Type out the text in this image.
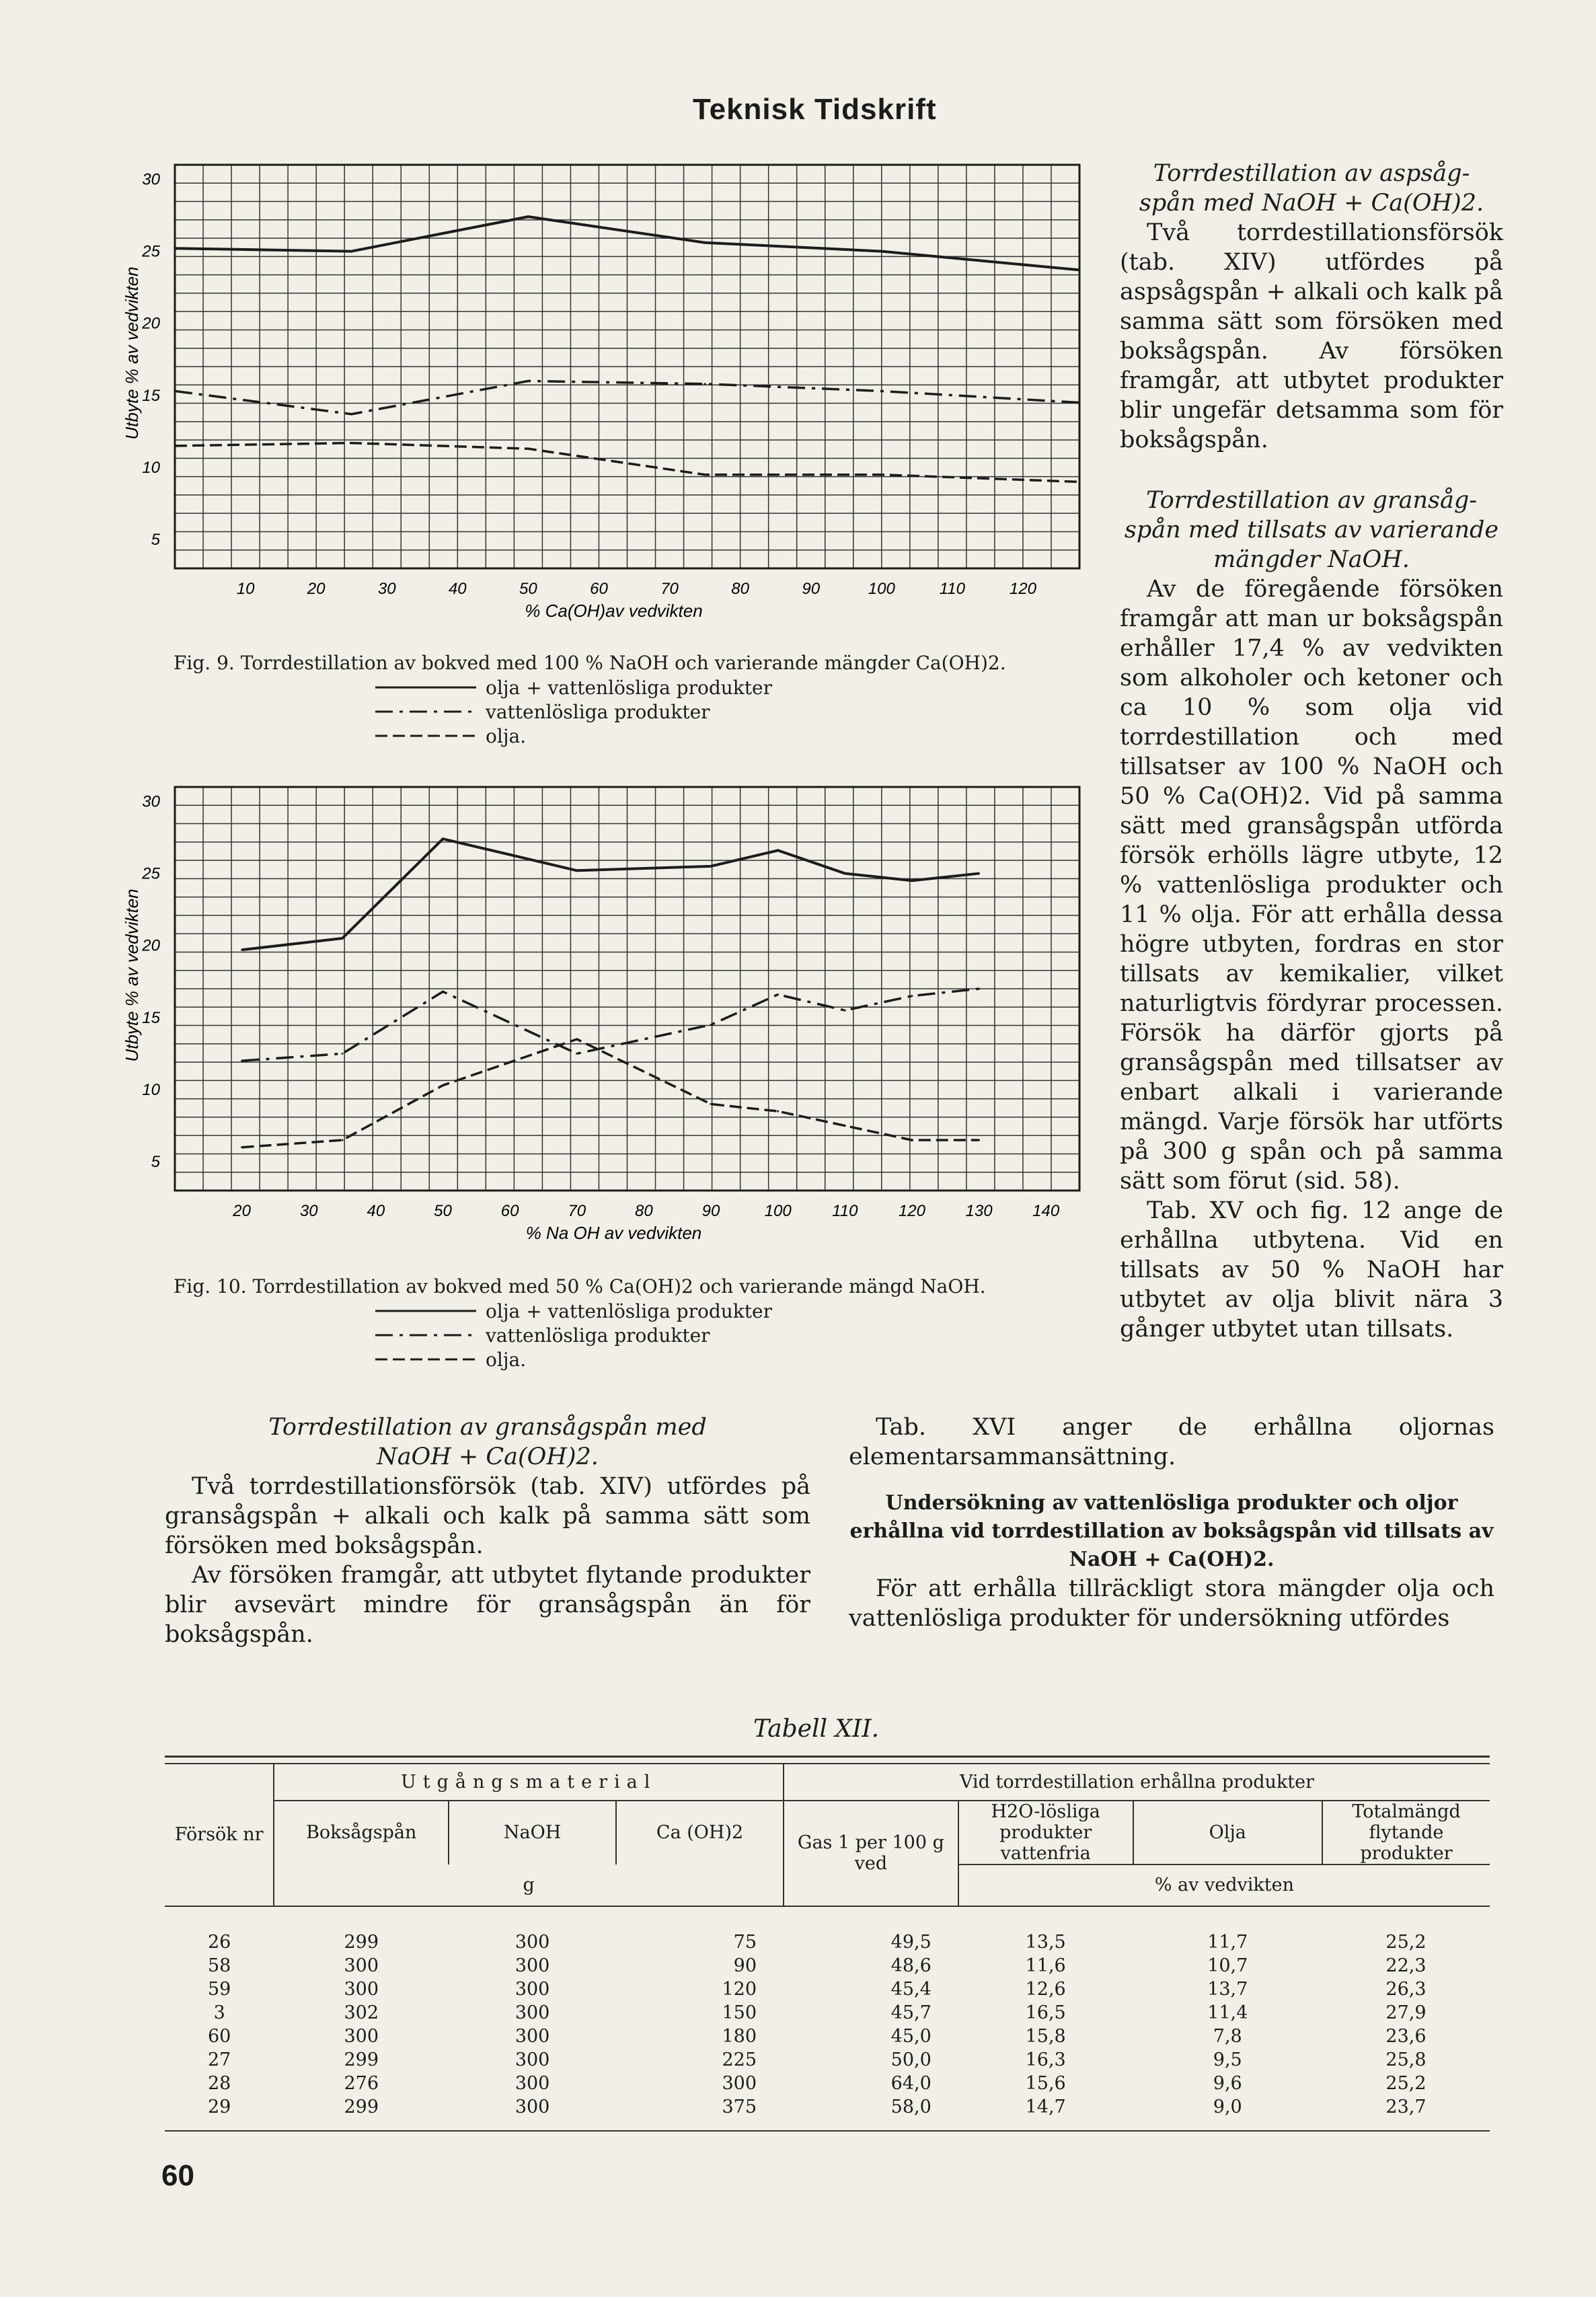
Teknisk Tidskrift
5
10
15
20
25
30
10	20	30	40	50	60	70	80	90	100	110	120
% Ca(OH)av vedvikten
Utbyte % av vedvikten
Fig. 9. Torrdestillation av bokved med 100 % NaOH och varierande mängder Ca(OH)2.
olja + vattenlösliga produkter
vattenlösliga produkter
olja.
5
10
15
20
25
30
20	30	40	50	60	70	80	90	100	110	120 130 140
% Na OH av vedvikten
Utbyte % av vedvikten
Fig. 10. Torrdestillation av bokved med 50 % Ca(OH)2 och varierande mängd NaOH.
olja + vattenlösliga produkter
vattenlösliga produkter
olja.

Torrdestillation av gransågspån med

NaOH + Ca(OH)2.

Två torrdestillationsförsök (tab. XIV) utfördes på gransågspån + alkali och kalk på samma sätt som försöken med boksågspån.

Av försöken framgår, att utbytet flytande produkter blir avsevärt mindre för gransågspån än för boksågspån.

Torrdestillation av aspsåg-

spån med NaOH + Ca(OH)2.

Två torrdestillationsförsök (tab. XIV) utfördes på aspsågspån + alkali och kalk på samma sätt som försöken med boksågspån. Av försöken framgår, att utbytet produkter blir ungefär detsamma som för boksågspån.

Torrdestillation av gransåg-

spån med tillsats av varierande

mängder NaOH.

Av de föregående försöken framgår att man ur boksågspån erhåller 17,4 % av vedvikten som alkoholer och ketoner och ca 10 % som olja vid torrdestillation och med tillsatser av 100 % NaOH och 50 % Ca(OH)2. Vid på samma sätt med gransågspån utförda försök erhölls lägre utbyte, 12 % vattenlösliga produkter och 11 % olja. För att erhålla dessa högre utbyten, fordras en stor tillsats av kemikalier, vilket naturligtvis fördyrar processen. Försök ha därför gjorts på gransågspån med tillsatser av enbart alkali i varierande mängd. Varje försök har utförts på 300 g spån och på samma sätt som förut (sid. 58).

Tab. XV och fig. 12 ange de erhållna utbytena. Vid en tillsats av 50 % NaOH har utbytet av olja blivit nära 3 gånger utbytet utan tillsats.

Tab. XVI anger de erhållna oljornas elementarsammansättning.

Undersökning av vattenlösliga produkter och oljor erhållna vid torrdestillation av boksågspån vid tillsats av NaOH + Ca(OH)2.

För att erhålla tillräckligt stora mängder olja och vattenlösliga produkter för undersökning utfördes

Tabell XII.

Försök nr	Utgångsmaterial			Vid torrdestillation erhållna produkter			
	Boksågspån	NaOH	Ca (OH)2	Gas 1 per 100 g ved	H2O-lösliga produkter vattenfria	Olja	Totalmängd flytande produkter
	g				% av vedvikten		

26	299	300	75	49,5	13,5	11,7	25,2
58	300	300	90	48,6	11,6	10,7	22,3
59	300	300	120	45,4	12,6	13,7	26,3
3	302	300	150	45,7	16,5	11,4	27,9
60	300	300	180	45,0	15,8	7,8	23,6
27	299	300	225	50,0	16,3	9,5	25,8
28	276	300	300	64,0	15,6	9,6	25,2
29	299	300	375	58,0	14,7	9,0	23,7

60
